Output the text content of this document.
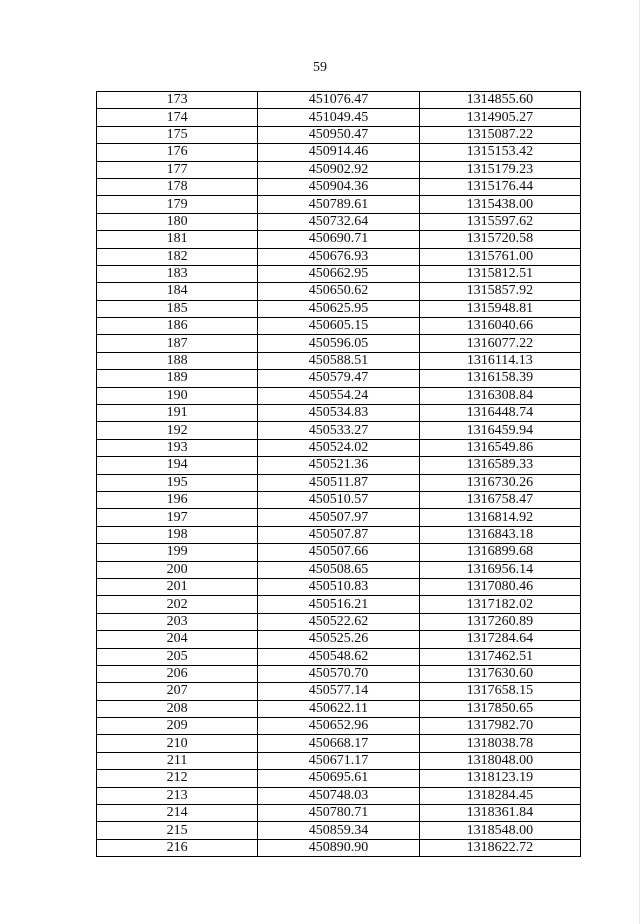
59
173	451076.47	1314855.60
174	451049.45	1314905.27
175	450950.47	1315087.22
176	450914.46	1315153.42
177	450902.92	1315179.23
178	450904.36	1315176.44
179	450789.61	1315438.00
180	450732.64	1315597.62
181	450690.71	1315720.58
182	450676.93	1315761.00
183	450662.95	1315812.51
184	450650.62	1315857.92
185	450625.95	1315948.81
186	450605.15	1316040.66
187	450596.05	1316077.22
188	450588.51	1316114.13
189	450579.47	1316158.39
190	450554.24	1316308.84
191	450534.83	1316448.74
192	450533.27	1316459.94
193	450524.02	1316549.86
194	450521.36	1316589.33
195	450511.87	1316730.26
196	450510.57	1316758.47
197	450507.97	1316814.92
198	450507.87	1316843.18
199	450507.66	1316899.68
200	450508.65	1316956.14
201	450510.83	1317080.46
202	450516.21	1317182.02
203	450522.62	1317260.89
204	450525.26	1317284.64
205	450548.62	1317462.51
206	450570.70	1317630.60
207	450577.14	1317658.15
208	450622.11	1317850.65
209	450652.96	1317982.70
210	450668.17	1318038.78
211	450671.17	1318048.00
212	450695.61	1318123.19
213	450748.03	1318284.45
214	450780.71	1318361.84
215	450859.34	1318548.00
216	450890.90	1318622.72
